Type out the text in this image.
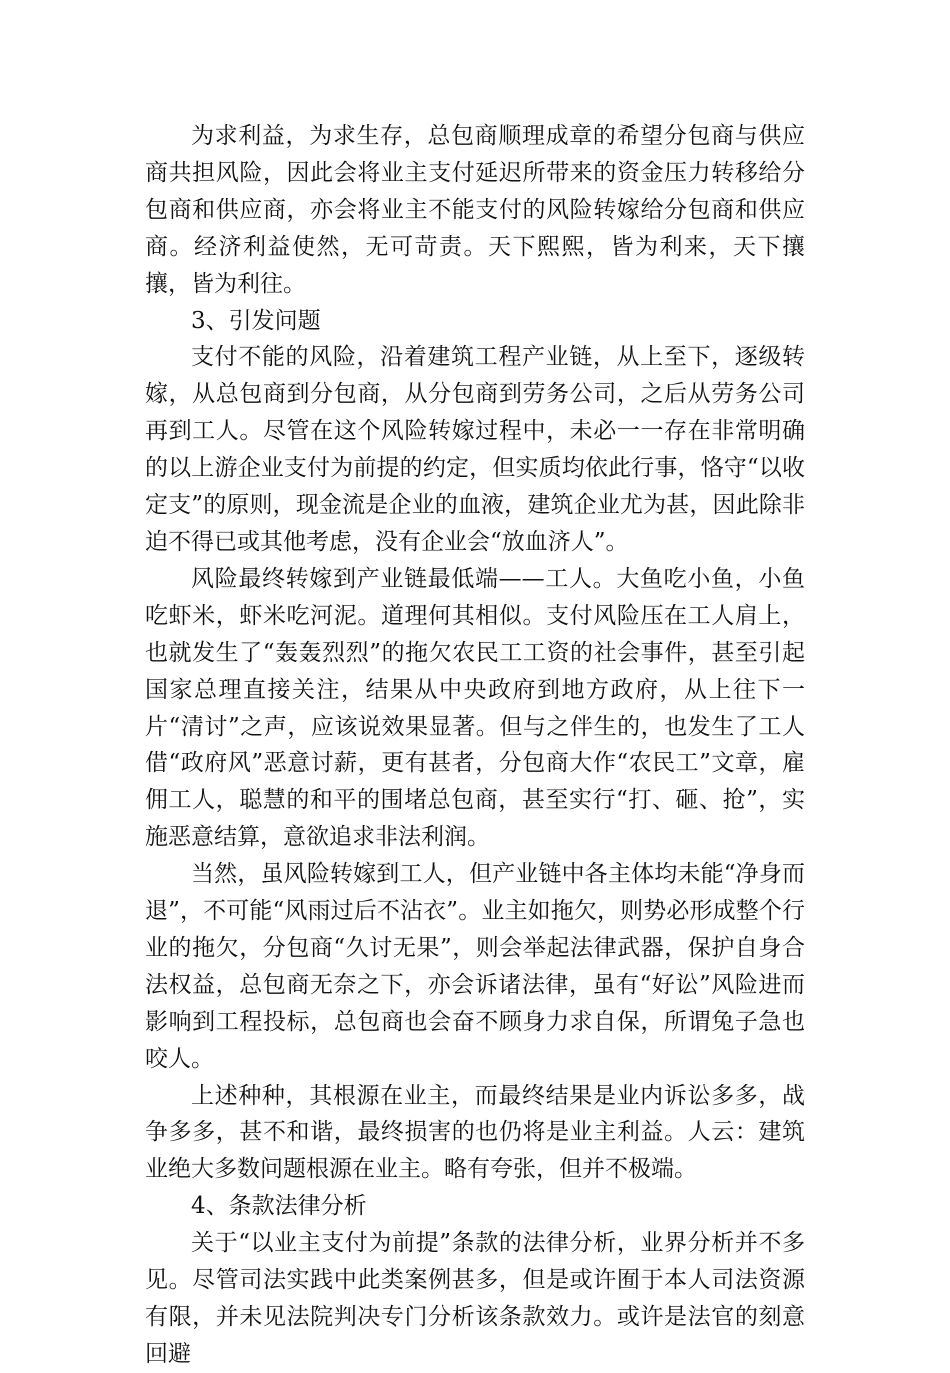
为求利益，为求生存，总包商顺理成章的希望分包商与供应商共担风险，因此会将业主支付延迟所带来的资金压力转移给分包商和供应商，亦会将业主不能支付的风险转嫁给分包商和供应商。经济利益使然，无可苛责。天下熙熙，皆为利来，天下攘攘，皆为利往。

3、引发问题

支付不能的风险，沿着建筑工程产业链，从上至下，逐级转嫁，从总包商到分包商，从分包商到劳务公司，之后从劳务公司再到工人。尽管在这个风险转嫁过程中，未必一一存在非常明确的以上游企业支付为前提的约定，但实质均依此行事，恪守“以收定支”的原则，现金流是企业的血液，建筑企业尤为甚，因此除非迫不得已或其他考虑，没有企业会“放血济人”。

风险最终转嫁到产业链最低端——工人。大鱼吃小鱼，小鱼吃虾米，虾米吃河泥。道理何其相似。支付风险压在工人肩上，也就发生了“轰轰烈烈”的拖欠农民工工资的社会事件，甚至引起国家总理直接关注，结果从中央政府到地方政府，从上往下一片“清讨”之声，应该说效果显著。但与之伴生的，也发生了工人借“政府风”恶意讨薪，更有甚者，分包商大作“农民工”文章，雇佣工人，聪慧的和平的围堵总包商，甚至实行“打、砸、抢”，实施恶意结算，意欲追求非法利润。

当然，虽风险转嫁到工人，但产业链中各主体均未能“净身而退”，不可能“风雨过后不沾衣”。业主如拖欠，则势必形成整个行业的拖欠，分包商“久讨无果”，则会举起法律武器，保护自身合法权益，总包商无奈之下，亦会诉诸法律，虽有“好讼”风险进而影响到工程投标，总包商也会奋不顾身力求自保，所谓兔子急也咬人。

上述种种，其根源在业主，而最终结果是业内诉讼多多，战争多多，甚不和谐，最终损害的也仍将是业主利益。人云：建筑业绝大多数问题根源在业主。略有夸张，但并不极端。

4、条款法律分析

关于“以业主支付为前提”条款的法律分析，业界分析并不多见。尽管司法实践中此类案例甚多，但是或许囿于本人司法资源有限，并未见法院判决专门分析该条款效力。或许是法官的刻意回避
